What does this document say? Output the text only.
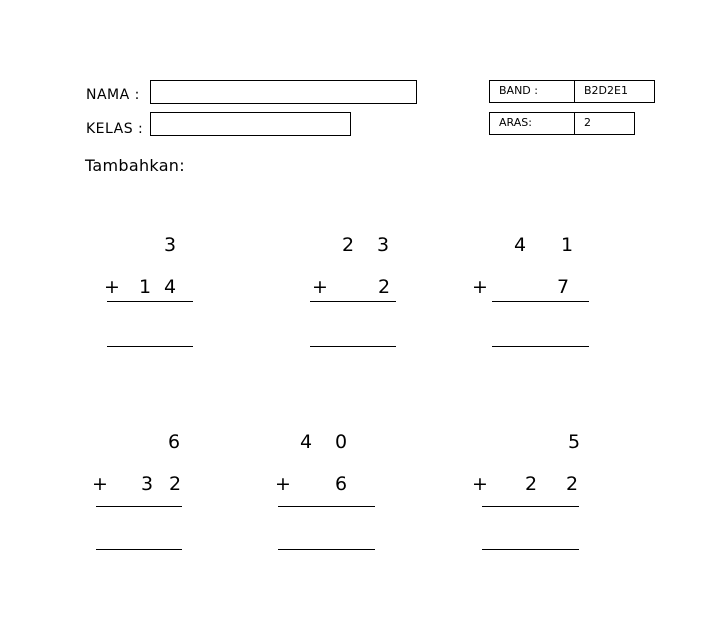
NAMA :
KELAS :
BAND :	B2D2E1
ARAS:	2
Tambahkan:
3
+ 1 4
2 3
+	2
4 1
+	7
6
+ 3 2
4 0
+ 6
5
+ 2 2
